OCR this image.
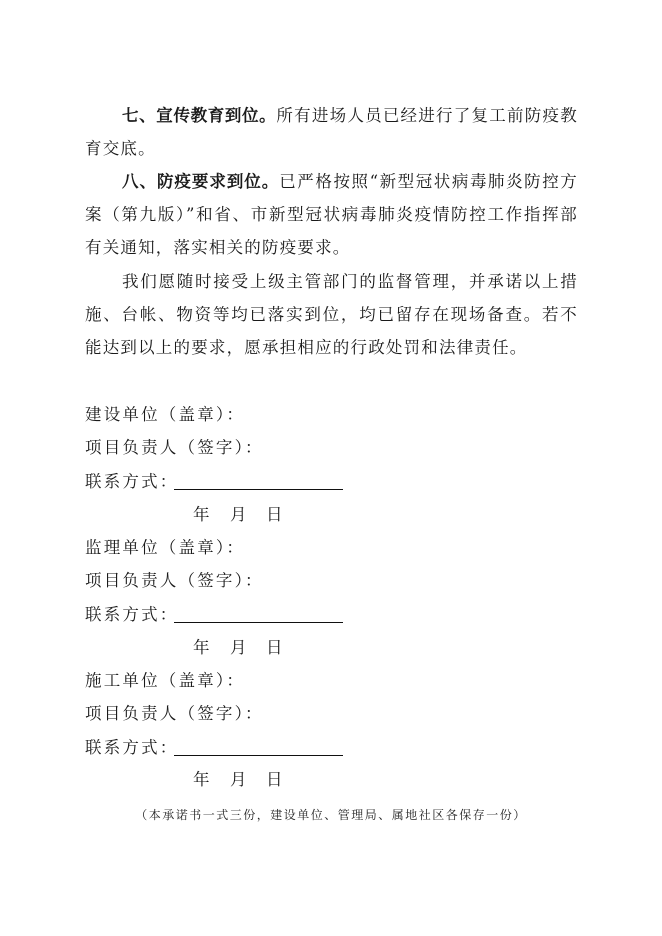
七、宣传教育到位。所有进场人员已经进行了复工前防疫教育交底。

八、防疫要求到位。已严格按照“新型冠状病毒肺炎防控方案（第九版）”和省、市新型冠状病毒肺炎疫情防控工作指挥部有关通知，落实相关的防疫要求。

我们愿随时接受上级主管部门的监督管理，并承诺以上措施、台帐、物资等均已落实到位，均已留存在现场备查。若不能达到以上的要求，愿承担相应的行政处罚和法律责任。

建设单位（盖章）：

项目负责人（签字）：

联系方式：
年 月 日

监理单位（盖章）：

项目负责人（签字）：

联系方式：
年 月 日

施工单位（盖章）：

项目负责人（签字）：

联系方式：
年 月 日
（本承诺书一式三份，建设单位、管理局、属地社区各保存一份）
